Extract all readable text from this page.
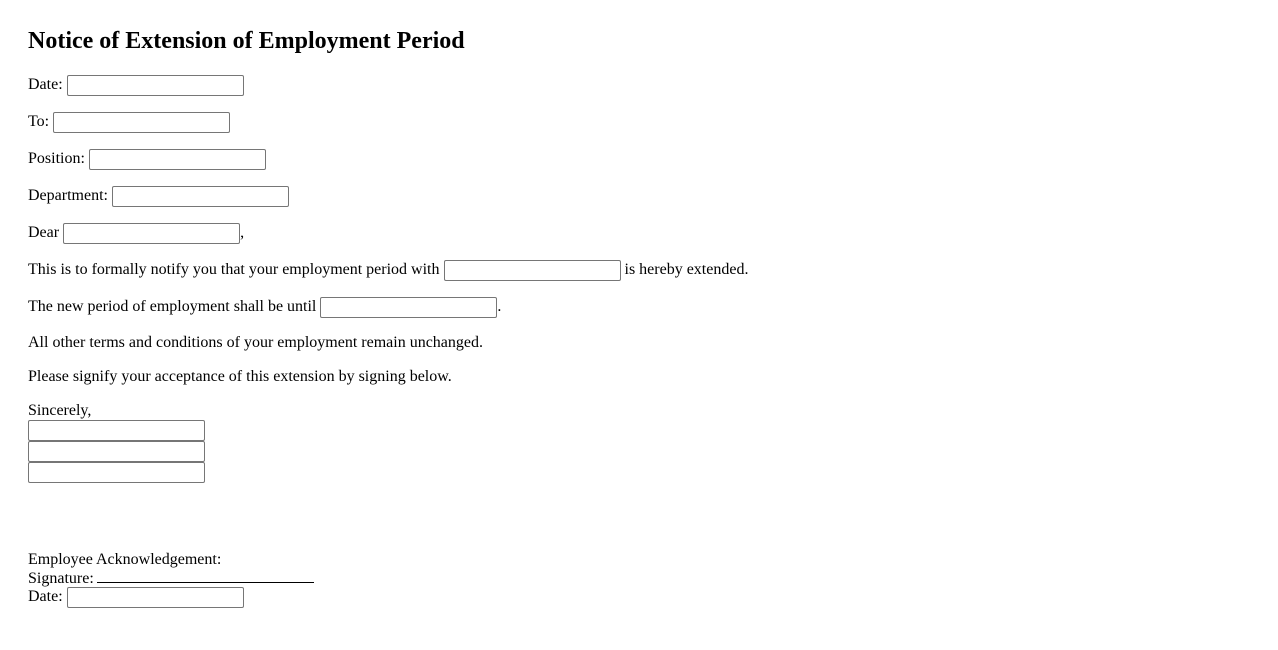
Notice of Extension of Employment Period
Date:
To:
Position:
Department:
Dear	,
This is to formally notify you that your employment period with	is hereby extended.
The new period of employment shall be until	.
All other terms and conditions of your employment remain unchanged.
Please signify your acceptance of this extension by signing below.
Sincerely,
Employee Acknowledgement:
Signature:
Date:
